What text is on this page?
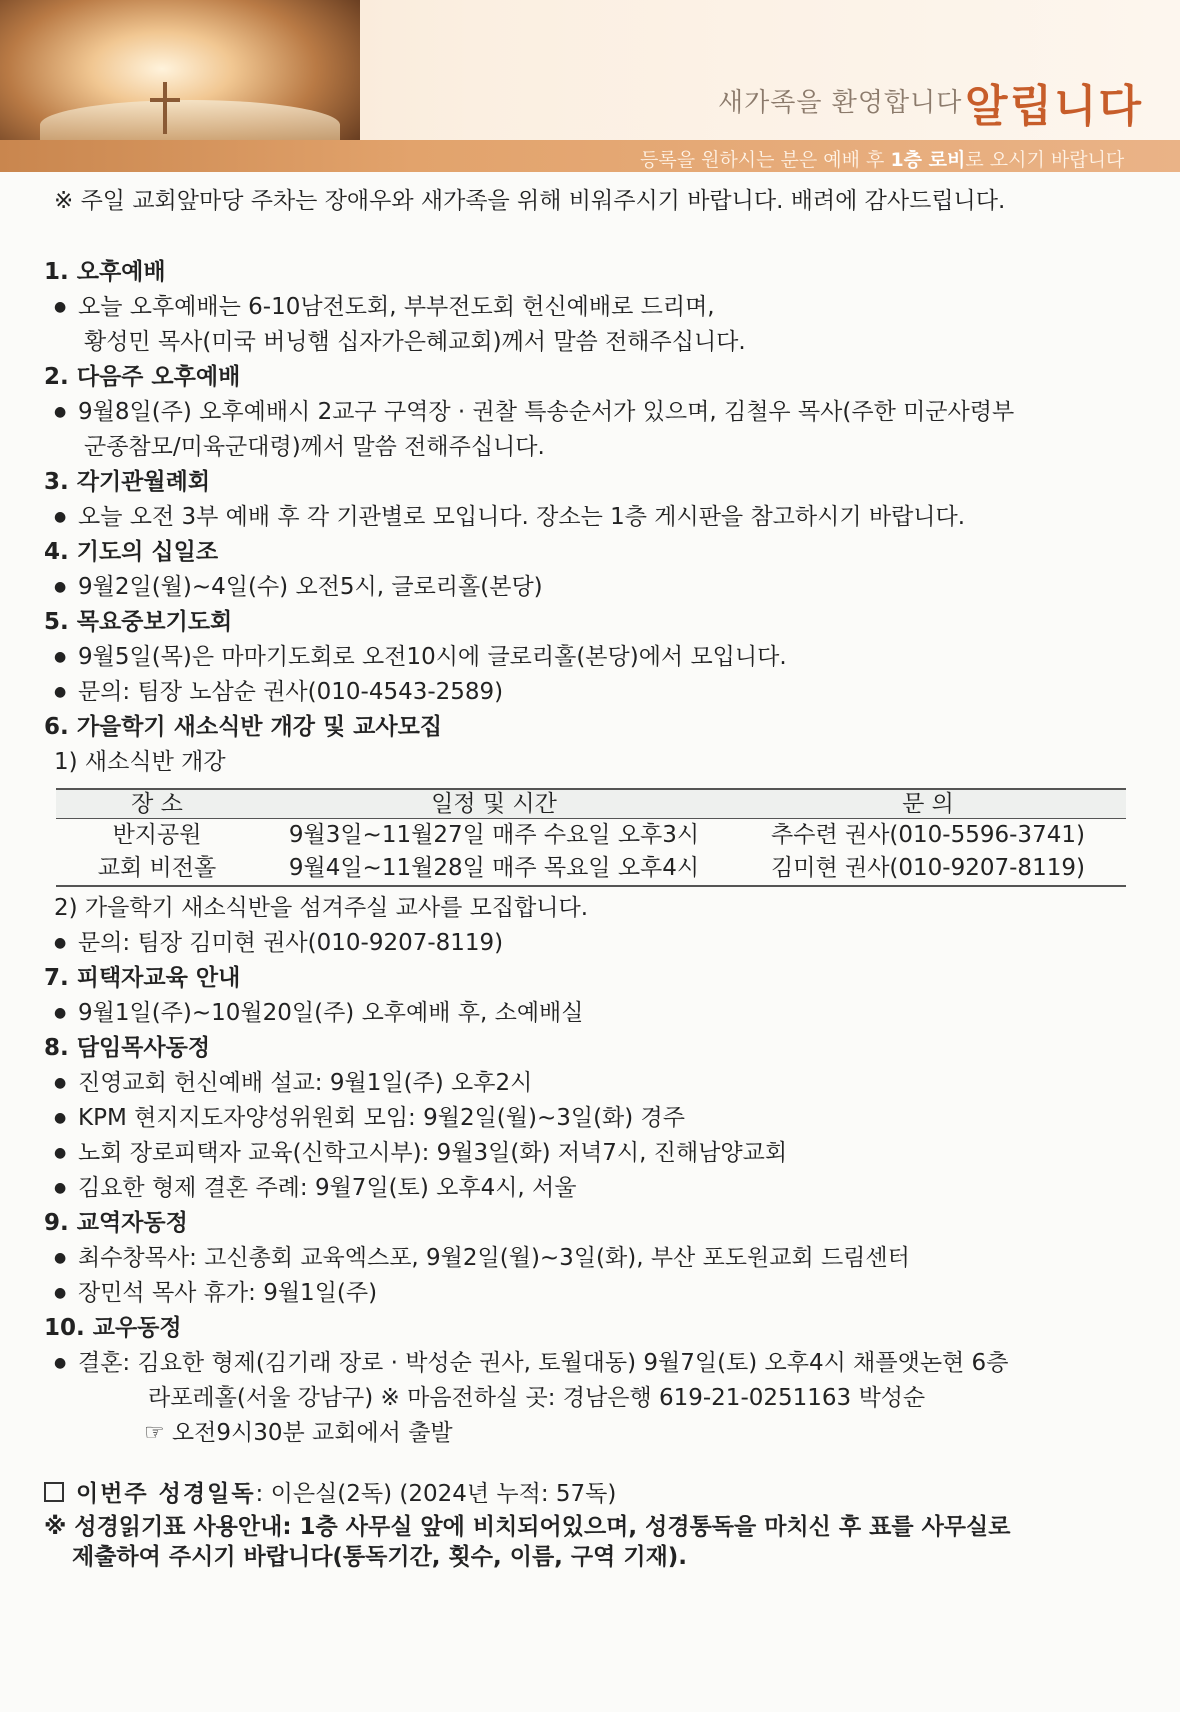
새가족을 환영합니다 알립니다
등록을 원하시는 분은 예배 후 1층 로비로 오시기 바랍니다
※ 주일 교회앞마당 주차는 장애우와 새가족을 위해 비워주시기 바랍니다. 배려에 감사드립니다.
1. 오후예배
● 오늘 오후예배는 6-10남전도회, 부부전도회 헌신예배로 드리며,
황성민 목사(미국 버닝햄 십자가은혜교회)께서 말씀 전해주십니다.
2. 다음주 오후예배
● 9월8일(주) 오후예배시 2교구 구역장 · 권찰 특송순서가 있으며, 김철우 목사(주한 미군사령부
군종참모/미육군대령)께서 말씀 전해주십니다.
3. 각기관월례회
● 오늘 오전 3부 예배 후 각 기관별로 모입니다. 장소는 1층 게시판을 참고하시기 바랍니다.
4. 기도의 십일조
● 9월2일(월)~4일(수) 오전5시, 글로리홀(본당)
5. 목요중보기도회
● 9월5일(목)은 마마기도회로 오전10시에 글로리홀(본당)에서 모입니다.
● 문의: 팀장 노삼순 권사(010-4543-2589)
6. 가을학기 새소식반 개강 및 교사모집
1) 새소식반 개강
장 소	일정 및 시간	문 의
반지공원	9월3일~11월27일 매주 수요일 오후3시	추수련 권사(010-5596-3741)
교회 비전홀	9월4일~11월28일 매주 목요일 오후4시	김미현 권사(010-9207-8119)
2) 가을학기 새소식반을 섬겨주실 교사를 모집합니다.
● 문의: 팀장 김미현 권사(010-9207-8119)
7. 피택자교육 안내
● 9월1일(주)~10월20일(주) 오후예배 후, 소예배실
8. 담임목사동정
● 진영교회 헌신예배 설교: 9월1일(주) 오후2시
● KPM 현지지도자양성위원회 모임: 9월2일(월)~3일(화) 경주
● 노회 장로피택자 교육(신학고시부): 9월3일(화) 저녁7시, 진해남양교회
● 김요한 형제 결혼 주례: 9월7일(토) 오후4시, 서울
9. 교역자동정
● 최수창목사: 고신총회 교육엑스포, 9월2일(월)~3일(화), 부산 포도원교회 드림센터
● 장민석 목사 휴가: 9월1일(주)
10. 교우동정
● 결혼: 김요한 형제(김기래 장로 · 박성순 권사, 토월대동) 9월7일(토) 오후4시 채플앳논현 6층
라포레홀(서울 강남구) ※ 마음전하실 곳: 경남은행 619-21-0251163 박성순
☞ 오전9시30분 교회에서 출발
이번주 성경일독: 이은실(2독) (2024년 누적: 57독)
※ 성경읽기표 사용안내: 1층 사무실 앞에 비치되어있으며, 성경통독을 마치신 후 표를 사무실로
제출하여 주시기 바랍니다(통독기간, 횟수, 이름, 구역 기재).
